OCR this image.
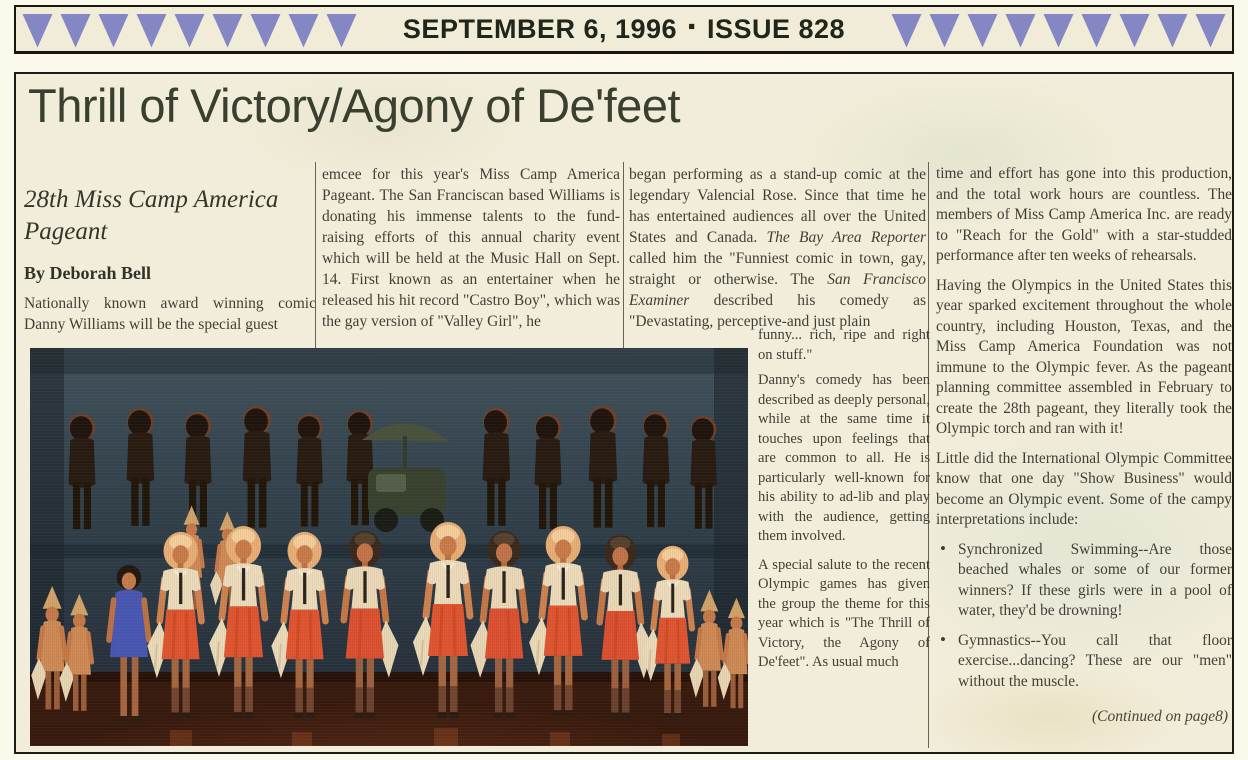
SEPTEMBER 6, 1996 ▪ ISSUE 828
Thrill of Victory/Agony of De'feet
28th Miss Camp America Pageant
By Deborah Bell
Nationally known award winning comic Danny Williams will be the special guest
emcee for this year's Miss Camp America Pageant. The San Franciscan based Williams is donating his immense talents to the fund-raising efforts of this annual charity event which will be held at the Music Hall on Sept. 14. First known as an entertainer when he released his hit record "Castro Boy", which was the gay version of "Valley Girl", he
began performing as a stand-up comic at the legendary Valencial Rose. Since that time he has entertained audiences all over the United States and Canada. The Bay Area Reporter called him the "Funniest comic in town, gay, straight or otherwise. The San Francisco Examiner described his comedy as "Devastating, perceptive-and just plain
funny... rich, ripe and right on stuff."
Danny's comedy has been described as deeply personal, while at the same time it touches upon feelings that are common to all. He is particularly well-known for his ability to ad-lib and play with the audience, getting them involved.
A special salute to the recent Olympic games has given the group the theme for this year which is "The Thrill of Victory, the Agony of De'feet". As usual much
time and effort has gone into this production, and the total work hours are countless. The members of Miss Camp America Inc. are ready to "Reach for the Gold" with a star-studded performance after ten weeks of rehearsals.
Having the Olympics in the United States this year sparked excitement throughout the whole country, including Houston, Texas, and the Miss Camp America Foundation was not immune to the Olympic fever. As the pageant planning committee assembled in February to create the 28th pageant, they literally took the Olympic torch and ran with it!
Little did the International Olympic Committee know that one day "Show Business" would become an Olympic event. Some of the campy interpretations include:
• Synchronized Swimming--Are those beached whales or some of our former winners? If these girls were in a pool of water, they'd be drowning!
• Gymnastics--You call that floor exercise...dancing? These are our "men" without the muscle.
(Continued on page8)
